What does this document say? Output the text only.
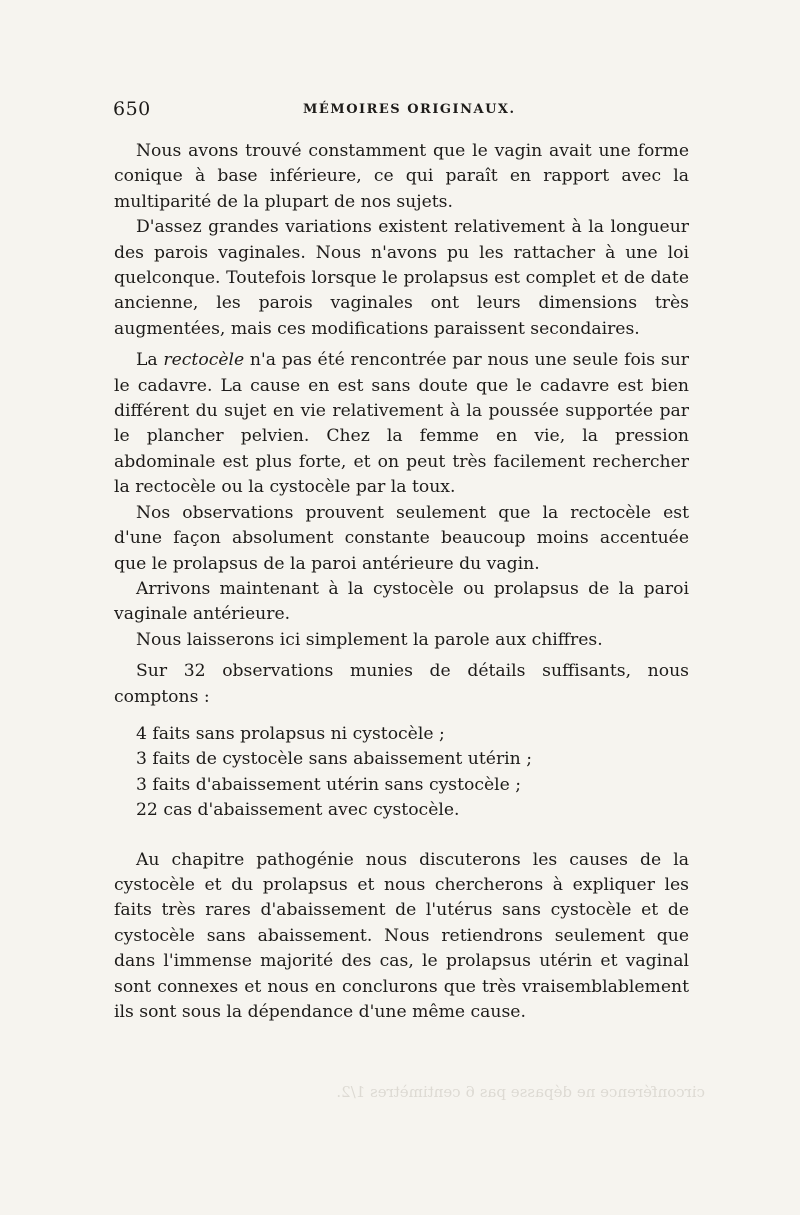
650	MÉMOIRES ORIGINAUX.

Nous avons trouvé constamment que le vagin avait une forme conique à base inférieure, ce qui paraît en rapport avec la multiparité de la plupart de nos sujets.

D'assez grandes variations existent relativement à la longueur des parois vaginales. Nous n'avons pu les rattacher à une loi quelconque. Toutefois lorsque le prolapsus est complet et de date ancienne, les parois vaginales ont leurs dimensions très augmentées, mais ces modifications paraissent secondaires.

La rectocèle n'a pas été rencontrée par nous une seule fois sur le cadavre. La cause en est sans doute que le cadavre est bien différent du sujet en vie relativement à la poussée supportée par le plancher pelvien. Chez la femme en vie, la pression abdominale est plus forte, et on peut très facilement rechercher la rectocèle ou la cystocèle par la toux.

Nos observations prouvent seulement que la rectocèle est d'une façon absolument constante beaucoup moins accentuée que le prolapsus de la paroi antérieure du vagin.

Arrivons maintenant à la cystocèle ou prolapsus de la paroi vaginale antérieure.

Nous laisserons ici simplement la parole aux chiffres.

Sur 32 observations munies de détails suffisants, nous comptons :

4 faits sans prolapsus ni cystocèle ;
3 faits de cystocèle sans abaissement utérin ;
3 faits d'abaissement utérin sans cystocèle ;
22 cas d'abaissement avec cystocèle.

Au chapitre pathogénie nous discuterons les causes de la cystocèle et du prolapsus et nous chercherons à expliquer les faits très rares d'abaissement de l'utérus sans cystocèle et de cystocèle sans abaissement. Nous retiendrons seulement que dans l'immense majorité des cas, le prolapsus utérin et vaginal sont connexes et nous en conclurons que très vraisemblablement ils sont sous la dépendance d'une même cause.

circonférence ne dépasse pas 6 centimètres 1/2.
